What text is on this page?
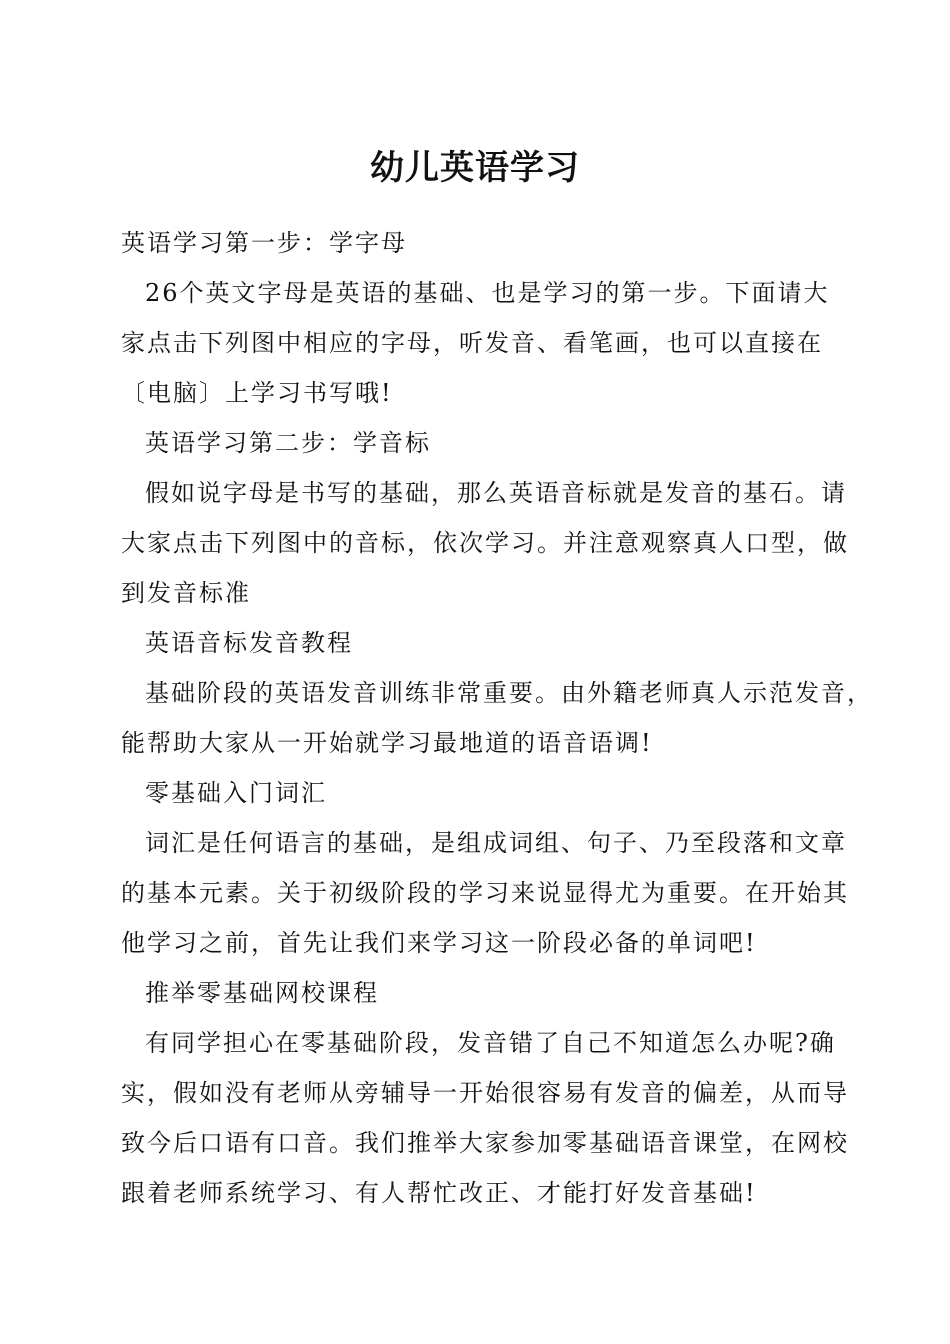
幼儿英语学习

英语学习第一步：学字母

26个英文字母是英语的基础、也是学习的第一步。下面请大

家点击下列图中相应的字母，听发音、看笔画，也可以直接在

〔电脑〕上学习书写哦!

英语学习第二步：学音标

假如说字母是书写的基础，那么英语音标就是发音的基石。请

大家点击下列图中的音标，依次学习。并注意观察真人口型，做

到发音标准

英语音标发音教程

基础阶段的英语发音训练非常重要。由外籍老师真人示范发音，

能帮助大家从一开始就学习最地道的语音语调!

零基础入门词汇

词汇是任何语言的基础，是组成词组、句子、乃至段落和文章

的基本元素。关于初级阶段的学习来说显得尤为重要。在开始其

他学习之前，首先让我们来学习这一阶段必备的单词吧!

推举零基础网校课程

有同学担心在零基础阶段，发音错了自己不知道怎么办呢?确

实，假如没有老师从旁辅导一开始很容易有发音的偏差，从而导

致今后口语有口音。我们推举大家参加零基础语音课堂，在网校

跟着老师系统学习、有人帮忙改正、才能打好发音基础!
